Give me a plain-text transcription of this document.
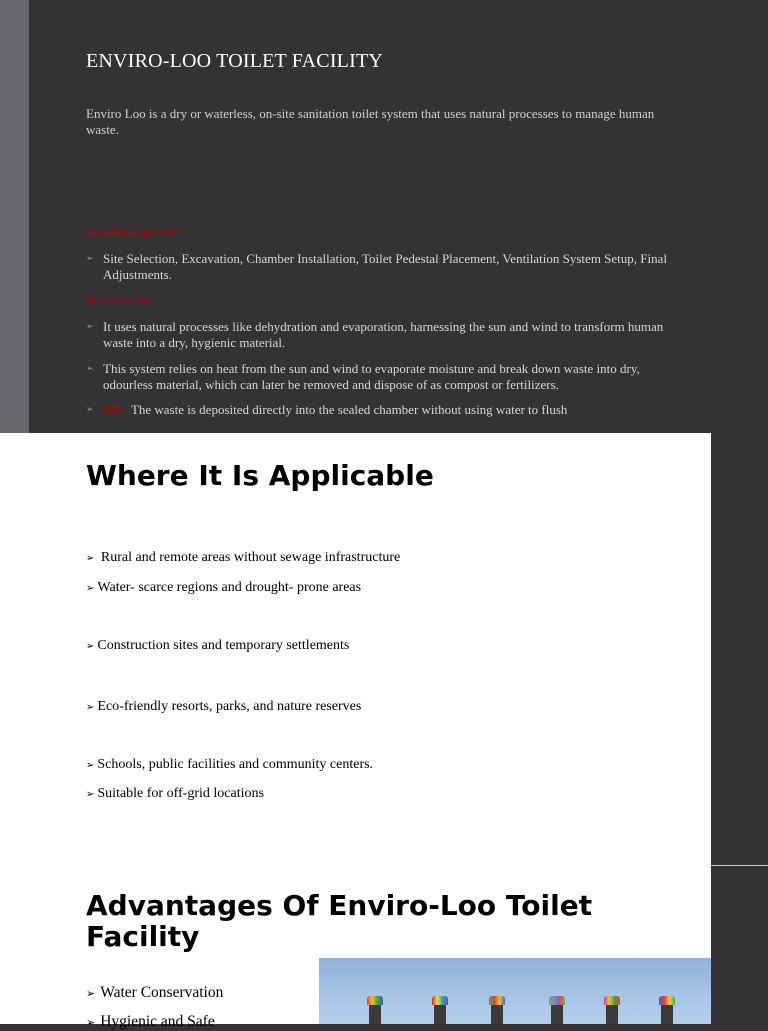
ENVIRO-LOO TOILET FACILITY
Enviro Loo is a dry or waterless, on-site sanitation toilet system that uses natural processes to manage human waste.
Installation process
➢ Site Selection, Excavation, Chamber Installation, Toilet Pedestal Placement, Ventilation System Setup, Final Adjustments.
How it works
➢ It uses natural processes like dehydration and evaporation, harnessing the sun and wind to transform human waste into a dry, hygienic material.
➢ This system relies on heat from the sun and wind to evaporate moisture and break down waste into dry, odourless material, which can later be removed and dispose of as compost or fertilizers.
➢ NB: The waste is deposited directly into the sealed chamber without using water to flush
Where It Is Applicable
➢ Rural and remote areas without sewage infrastructure
➢ Water- scarce regions and drought- prone areas
➢ Construction sites and temporary settlements
➢ Eco-friendly resorts, parks, and nature reserves
➢ Schools, public facilities and community centers.
➢ Suitable for off-grid locations
Advantages Of Enviro-Loo Toilet
Facility
➢ Water Conservation
➢ Hygienic and Safe
